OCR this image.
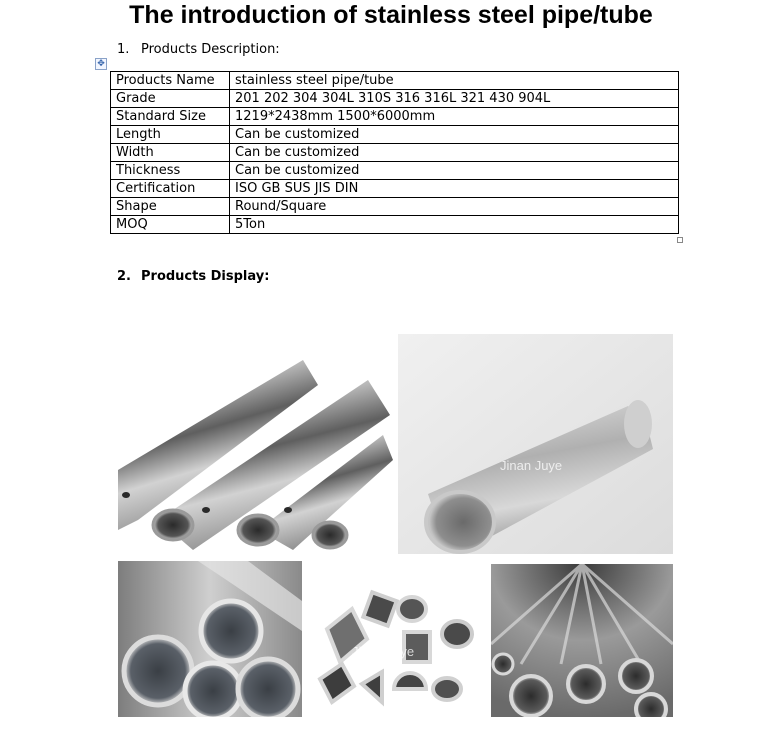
The introduction of stainless steel pipe/tube
1. Products Description:
✥
Products Name	stainless steel pipe/tube
Grade	201 202 304 304L 310S 316 316L 321 430 904L
Standard Size	1219*2438mm 1500*6000mm
Length	Can be customized
Width	Can be customized
Thickness	Can be customized
Certification	ISO GB SUS JIS DIN
Shape	Round/Square
MOQ	5Ton
2. Products Display:
Jinan Juye
Jinan Juye
